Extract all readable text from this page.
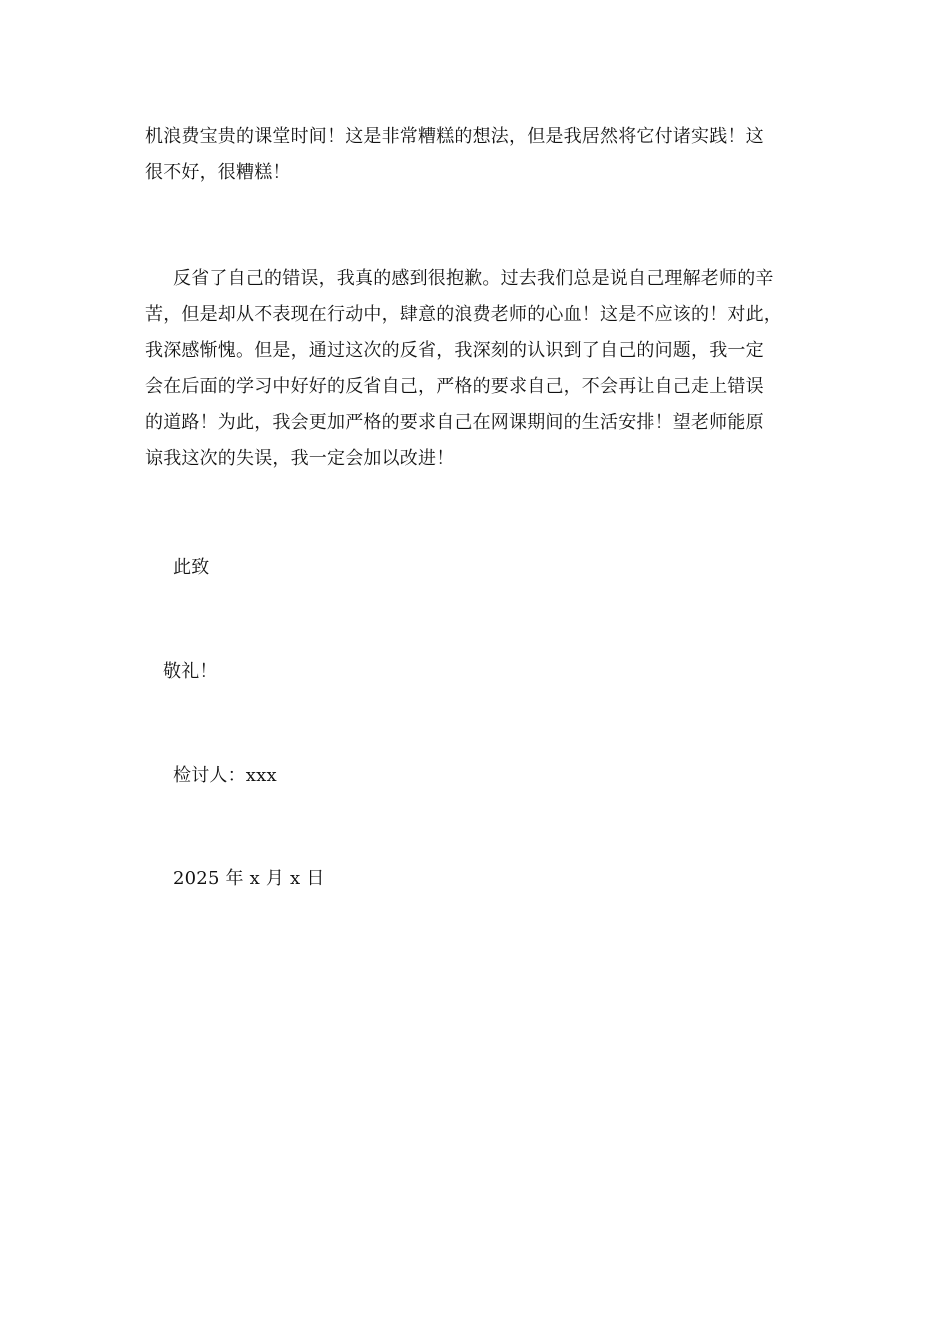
机浪费宝贵的课堂时间！这是非常糟糕的想法，但是我居然将它付诸实践！这
很不好，很糟糕！
反省了自己的错误，我真的感到很抱歉。过去我们总是说自己理解老师的辛
苦，但是却从不表现在行动中，肆意的浪费老师的心血！这是不应该的！对此，
我深感惭愧。但是，通过这次的反省，我深刻的认识到了自己的问题，我一定
会在后面的学习中好好的反省自己，严格的要求自己，不会再让自己走上错误
的道路！为此，我会更加严格的要求自己在网课期间的生活安排！望老师能原
谅我这次的失误，我一定会加以改进！
此致
敬礼！
检讨人：xxx
2025 年 x 月 x 日
